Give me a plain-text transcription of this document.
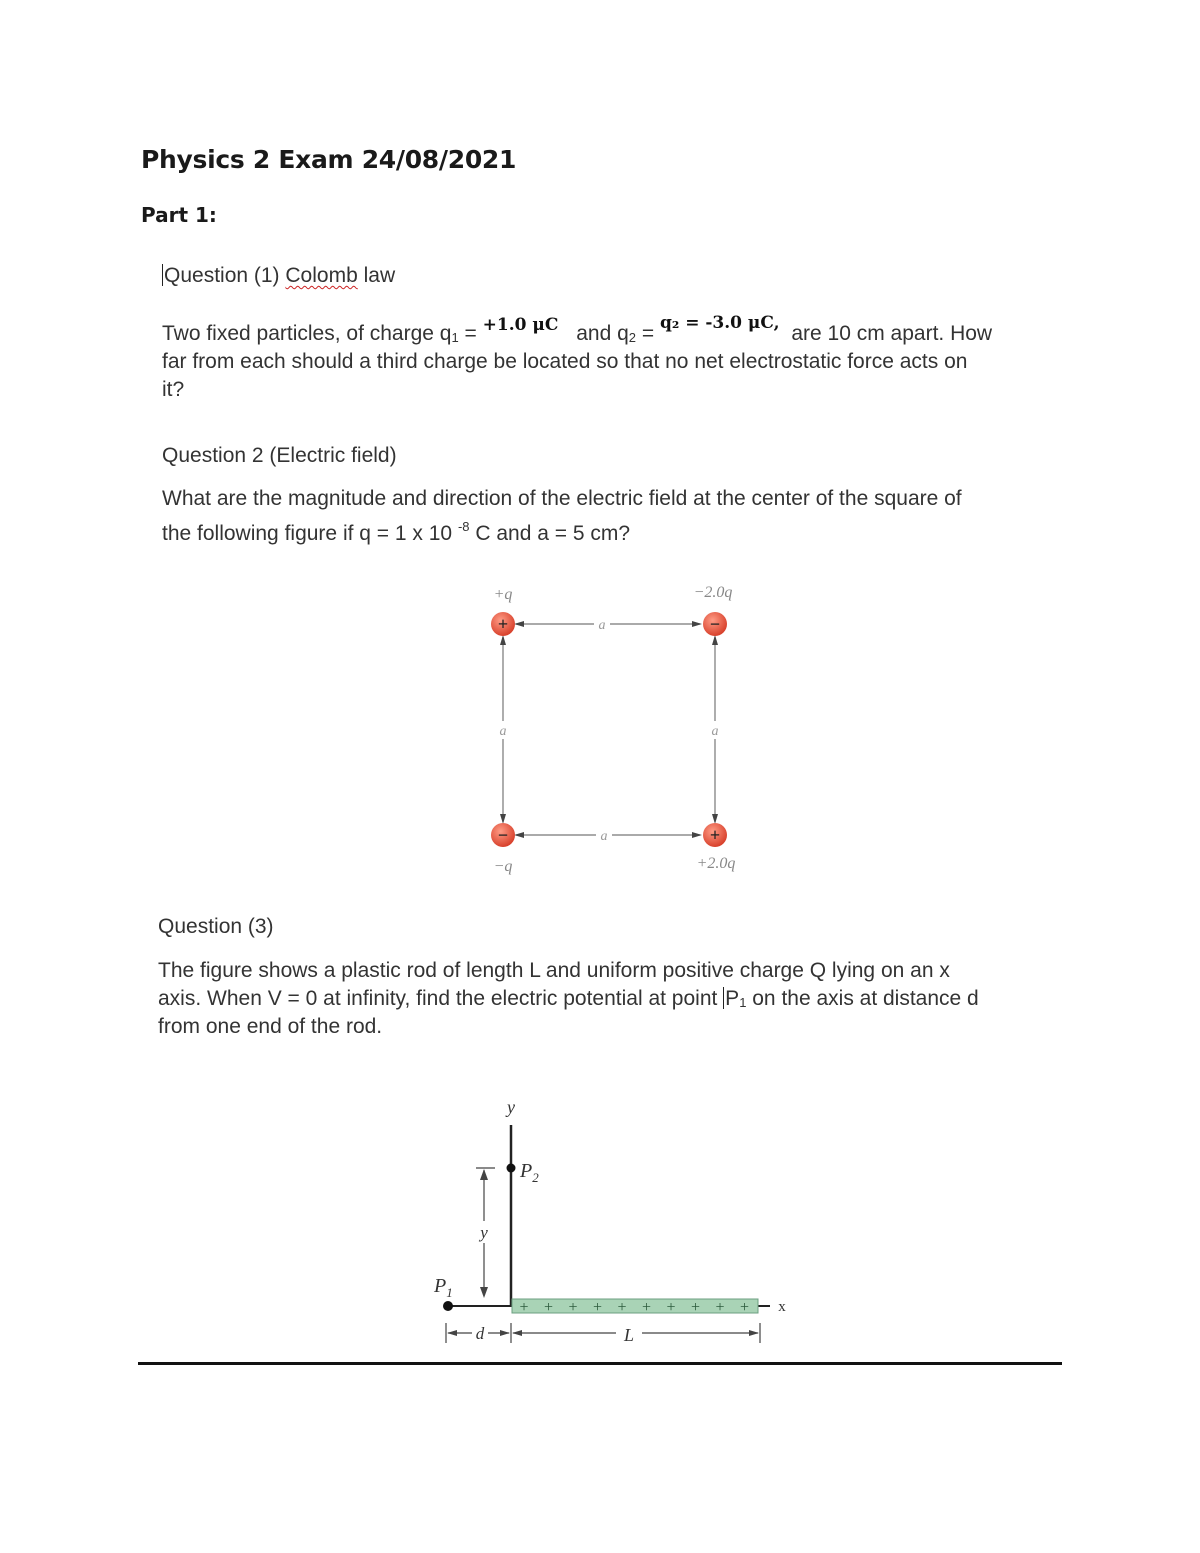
Physics 2 Exam 24/08/2021
Part 1:
Question (1) Colomb law
Two fixed particles, of charge q1 = $^{+1.0 \mu C}$ and q2 = $^{q_2 = -3.0 \mu C,}$ are 10 cm apart. How
far from each should a third charge be located so that no net electrostatic force acts on
it?
Question 2 (Electric field)
What are the magnitude and direction of the electric field at the center of the square of
the following figure if q = 1 x 10 $^{-8}$ C and a = 5 cm?
a
a
a	a
+	−
−	+
+q	−2.0q
−q	+2.0q
Question (3)
The figure shows a plastic rod of length L and uniform positive charge Q lying on an x
axis. When V = 0 at infinity, find the electric potential at point P1 on the axis at distance d
from one end of the rod.
y
x
+ + + + + + + + + +
$P_2$
y
$P_1$
d	L
